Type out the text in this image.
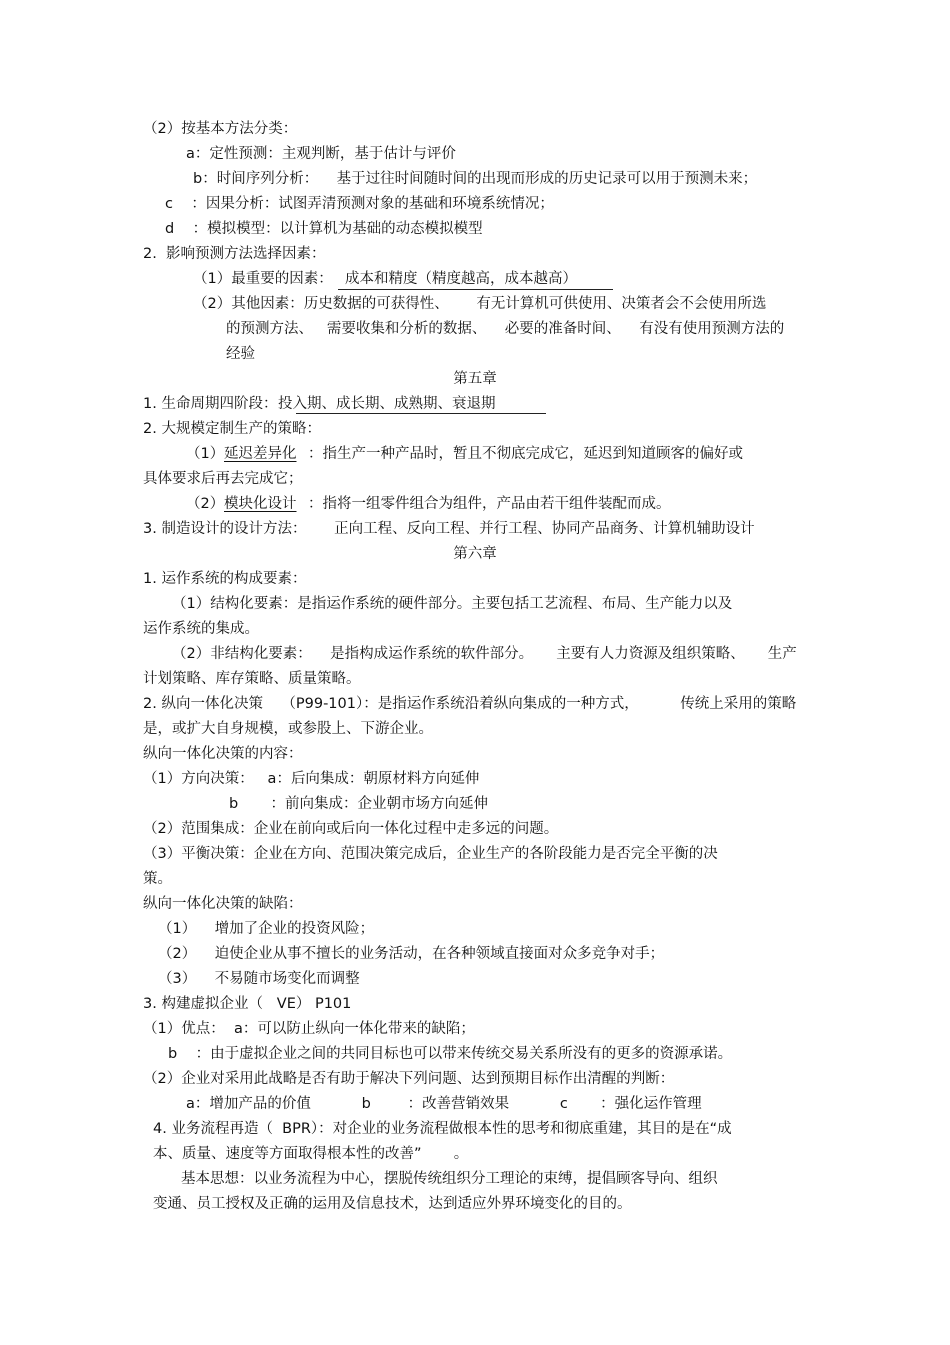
（2）按基本方法分类：
a：定性预测：主观判断，基于估计与评价
b：时间序列分析：    基于过往时间随时间的出现而形成的历史记录可以用于预测未来；
c    ：因果分析：试图弄清预测对象的基础和环境系统情况；
d    ：模拟模型：以计算机为基础的动态模拟模型
2.  影响预测方法选择因素：
（1）最重要的因素： 成本和精度（精度越高，成本越高）
（2）其他因素：历史数据的可获得性、      有无计算机可供使用、决策者会不会使用所选
的预测方法、   需要收集和分析的数据、    必要的准备时间、    有没有使用预测方法的
经验
第五章
1. 生命周期四阶段： 投入期、成长期、成熟期、衰退期
2. 大规模定制生产的策略：
（1） 延迟差异化 ：指生产一种产品时，暂且不彻底完成它，延迟到知道顾客的偏好或
具体要求后再去完成它；
（2） 模块化设计 ：指将一组零件组合为组件，产品由若干组件装配而成。
3. 制造设计的设计方法：      正向工程、反向工程、并行工程、协同产品商务、计算机辅助设计
第六章
1. 运作系统的构成要素：
（1）结构化要素：是指运作系统的硬件部分。主要包括工艺流程、布局、生产能力以及
运作系统的集成。
（2）非结构化要素：    是指构成运作系统的软件部分。     主要有人力资源及组织策略、     生产
计划策略、库存策略、质量策略。
2. 纵向一体化决策    （P99-101）：是指运作系统沿着纵向集成的一种方式，         传统上采用的策略
是，或扩大自身规模，或参股上、下游企业。
纵向一体化决策的内容：
（1）方向决策：   a：后向集成：朝原材料方向延伸
b       ：前向集成：企业朝市场方向延伸
（2）范围集成：企业在前向或后向一体化过程中走多远的问题。
（3）平衡决策：企业在方向、范围决策完成后，企业生产的各阶段能力是否完全平衡的决
策。
纵向一体化决策的缺陷：
（1）    增加了企业的投资风险；
（2）    迫使企业从事不擅长的业务活动，在各种领域直接面对众多竞争对手；
（3）    不易随市场变化而调整
3. 构建虚拟企业（   VE） P101
（1）优点：  a：可以防止纵向一体化带来的缺陷；
b    ：由于虚拟企业之间的共同目标也可以带来传统交易关系所没有的更多的资源承诺。
（2）企业对采用此战略是否有助于解决下列问题、达到预期目标作出清醒的判断：
a：增加产品的价值           b        ：改善营销效果           c       ：强化运作管理
4. 业务流程再造（  BPR）：对企业的业务流程做根本性的思考和彻底重建，其目的是在“成
本、质量、速度等方面取得根本性的改善”       。
基本思想：以业务流程为中心，摆脱传统组织分工理论的束缚，提倡顾客导向、组织
变通、员工授权及正确的运用及信息技术，达到适应外界环境变化的目的。
